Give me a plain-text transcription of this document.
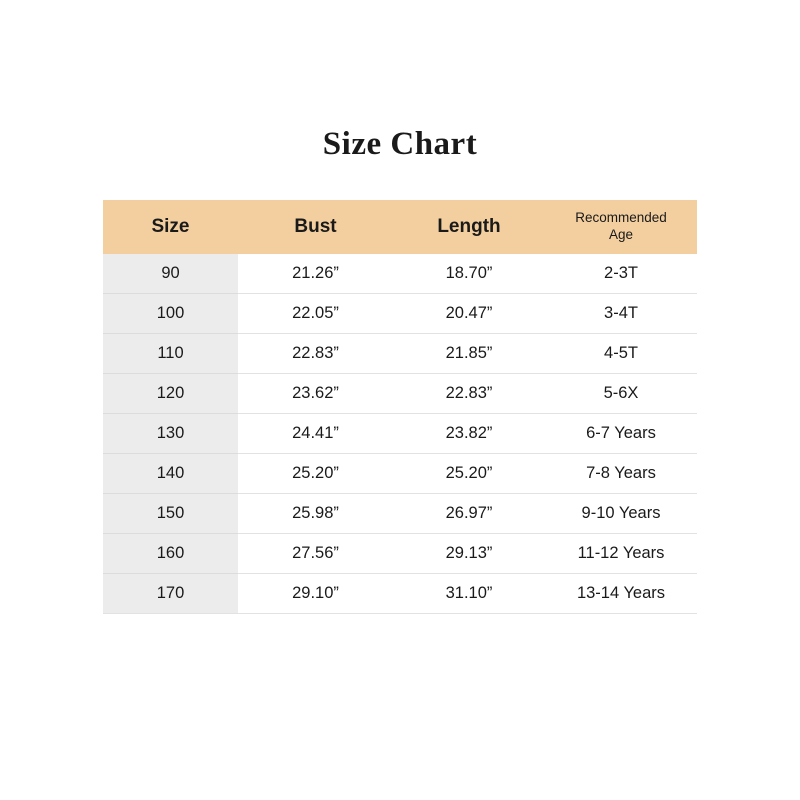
Size Chart
Size	Bust	Length	Recommended
Age
90	21.26”	18.70”	2-3T
100	22.05”	20.47”	3-4T
110	22.83”	21.85”	4-5T
120	23.62”	22.83”	5-6X
130	24.41”	23.82”	6-7 Years
140	25.20”	25.20”	7-8 Years
150	25.98”	26.97”	9-10 Years
160	27.56”	29.13”	11-12 Years
170	29.10”	31.10”	13-14 Years
